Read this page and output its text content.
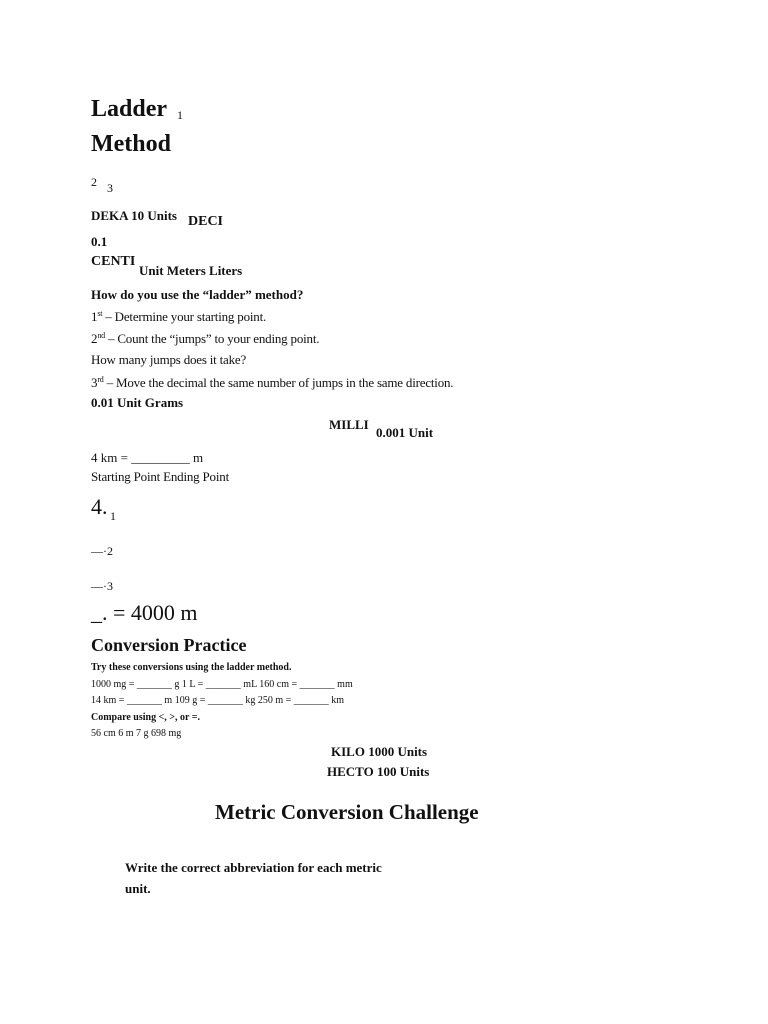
Ladder 1
Method
2 3
DEKA 10 Units DECI
0.1
CENTI
Unit Meters Liters
How do you use the “ladder” method?
1st – Determine your starting point.
2nd – Count the “jumps” to your ending point.
How many jumps does it take?
3rd – Move the decimal the same number of jumps in the same direction.
0.01 Unit Grams
MILLI
0.001 Unit
4 km = _________ m
Starting Point Ending Point
4. 1
—·2
—·3
_. = 4000 m
Conversion Practice
Try these conversions using the ladder method.
1000 mg = _______ g 1 L = _______ mL 160 cm = _______ mm
14 km = _______ m 109 g = _______ kg 250 m = _______ km
Compare using <, >, or =.
56 cm 6 m 7 g 698 mg
KILO 1000 Units
HECTO 100 Units
Metric Conversion Challenge
Write the correct abbreviation for each metric
unit.
